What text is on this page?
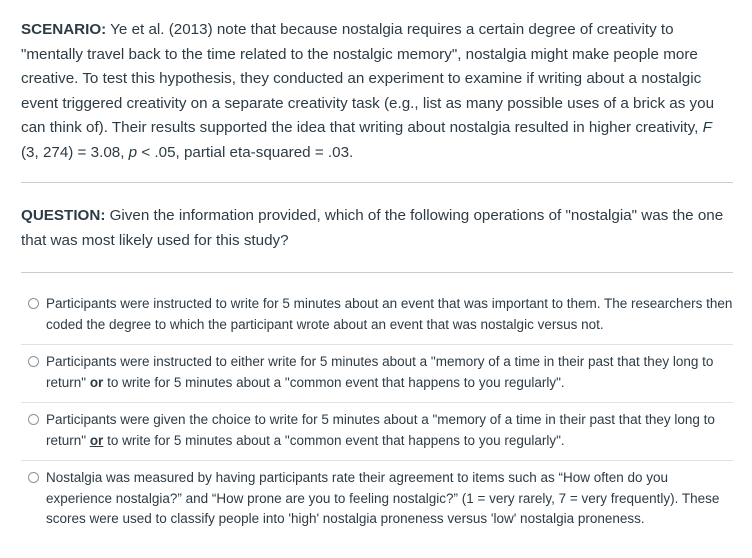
SCENARIO: Ye et al. (2013) note that because nostalgia requires a certain degree of creativity to "mentally travel back to the time related to the nostalgic memory", nostalgia might make people more creative. To test this hypothesis, they conducted an experiment to examine if writing about a nostalgic event triggered creativity on a separate creativity task (e.g., list as many possible uses of a brick as you can think of). Their results supported the idea that writing about nostalgia resulted in higher creativity, F (3, 274) = 3.08, p < .05, partial eta-squared = .03.
QUESTION: Given the information provided, which of the following operations of "nostalgia" was the one that was most likely used for this study?
Participants were instructed to write for 5 minutes about an event that was important to them. The researchers then coded the degree to which the participant wrote about an event that was nostalgic versus not.
Participants were instructed to either write for 5 minutes about a "memory of a time in their past that they long to return" or to write for 5 minutes about a "common event that happens to you regularly".
Participants were given the choice to write for 5 minutes about a "memory of a time in their past that they long to return" or to write for 5 minutes about a "common event that happens to you regularly".
Nostalgia was measured by having participants rate their agreement to items such as “How often do you experience nostalgia?” and “How prone are you to feeling nostalgic?” (1 = very rarely, 7 = very frequently). These scores were used to classify people into 'high' nostalgia proneness versus 'low' nostalgia proneness.
